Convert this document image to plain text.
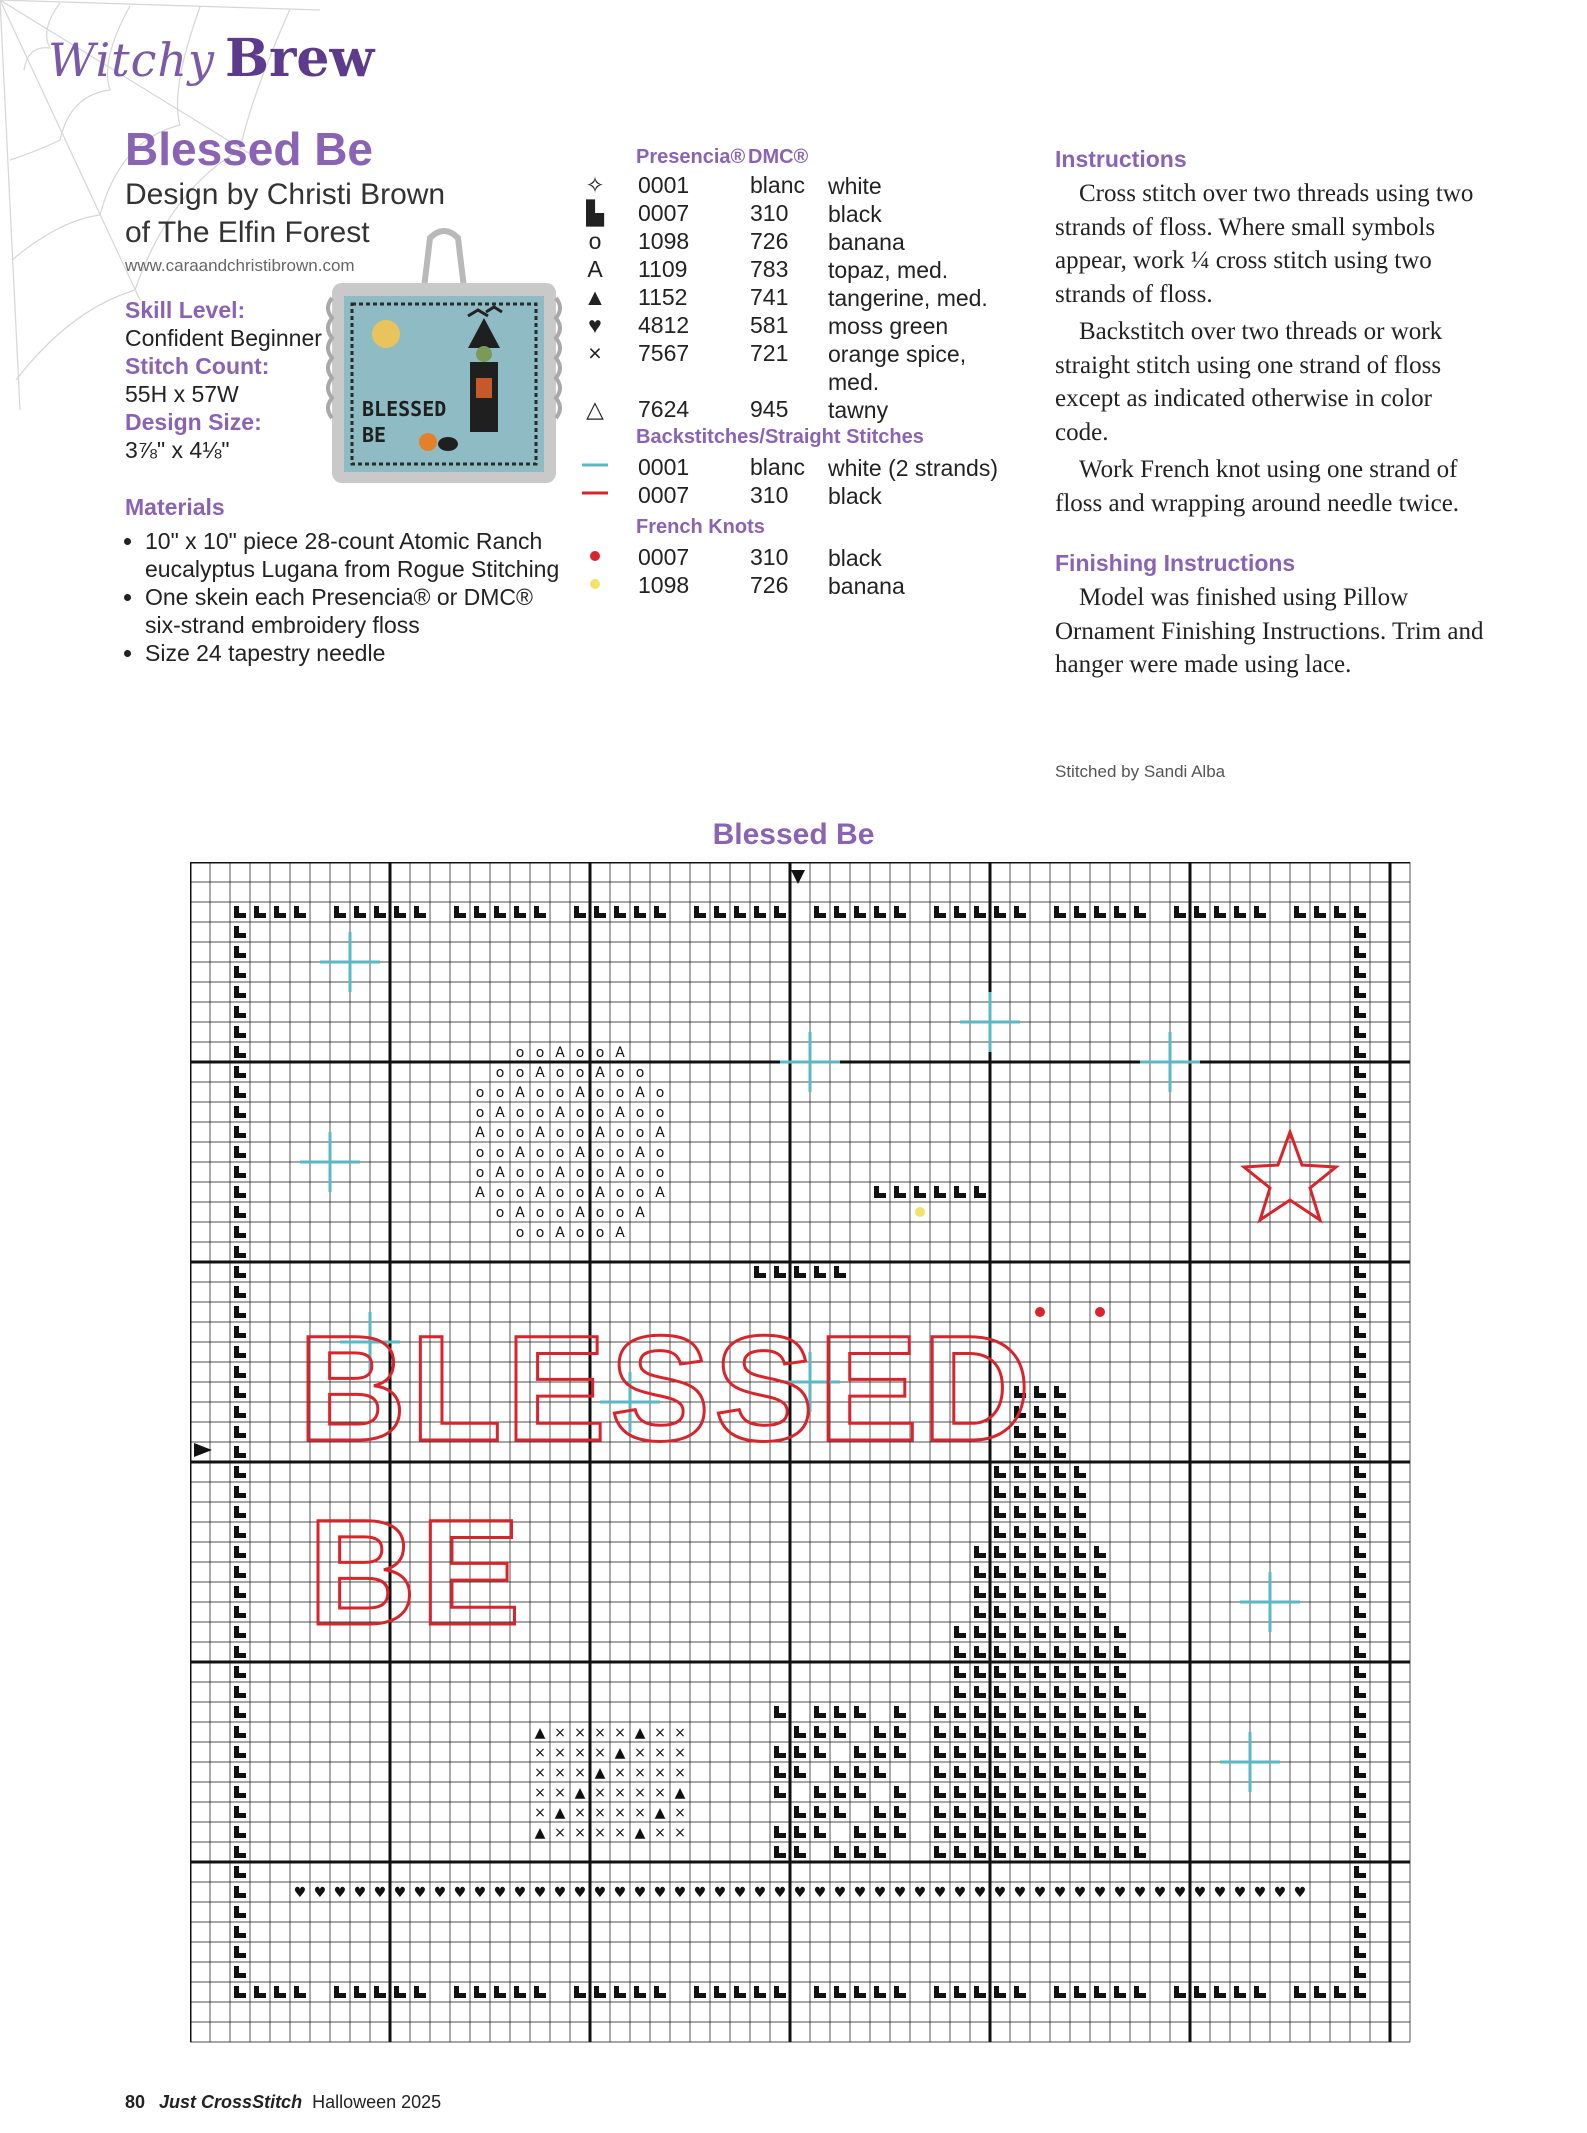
Witchy Brew
Blessed Be
Design by Christi Brown
of The Elfin Forest
www.caraandchristibrown.com
Skill Level:
Confident Beginner
Stitch Count:
55H x 57W
Design Size:
3⅞" x 4⅛"
BLESSED
BE
Materials
• 10" x 10" piece 28-count Atomic Ranch eucalyptus Lugana from Rogue Stitching
• One skein each Presencia® or DMC® six-strand embroidery floss
• Size 24 tapestry needle
Presencia® DMC®
✧ 0001	blanc white
▙ 0007	310 black
o	1098	726 banana
A	1109	783 topaz, med.
▲ 1152	741 tangerine, med.
♥	4812	581 moss green
×	7567	721 orange spice, med.
△ 7624	945 tawny
Backstitches/Straight Stitches
0001	blanc white (2 strands)
0007	310 black
French Knots
0007	310 black
1098	726 banana
Instructions

Cross stitch over two threads using two strands of floss. Where small symbols appear, work ¼ cross stitch using two strands of floss.

Backstitch over two threads or work straight stitch using one strand of floss except as indicated otherwise in color code.

Work French knot using one strand of floss and wrapping around needle twice.

Finishing Instructions

Model was finished using Pillow Ornament Finishing Instructions. Trim and hanger were made using lace.

Stitched by Sandi Alba
Blessed Be
♥ ♥ ♥ ♥ ♥ ♥ ♥ ♥ ♥ ♥ ♥ ♥ ♥ ♥ ♥ ♥ ♥ ♥ ♥ ♥ ♥ ♥ ♥ ♥ ♥ ♥ ♥ ♥ ♥ ♥ ♥ ♥ ♥ ♥ ♥ ♥ ♥ ♥ ♥ ♥ ♥ ♥ ♥ ♥ ♥ ♥ ♥ ♥ ♥ ♥ ♥
o o A o o A
o o A o o A o o
o o A o o A o o A o
o A o o A o o A o o
A o o A o o A o o A
o o A o o A o o A o
o A o o A o o A o o
A o o A o o A o o A
o A o o A o o A
o o A o o A
▲ × × × × ▲ × ×
× × × × ▲ × × ×
× × × ▲ × × × ×
× × ▲ × × × × ▲
× ▲ × × × × ▲ ×
▲ × × × × ▲ × ×
BLESSED
BE
80 Just CrossStitch Halloween 2025
